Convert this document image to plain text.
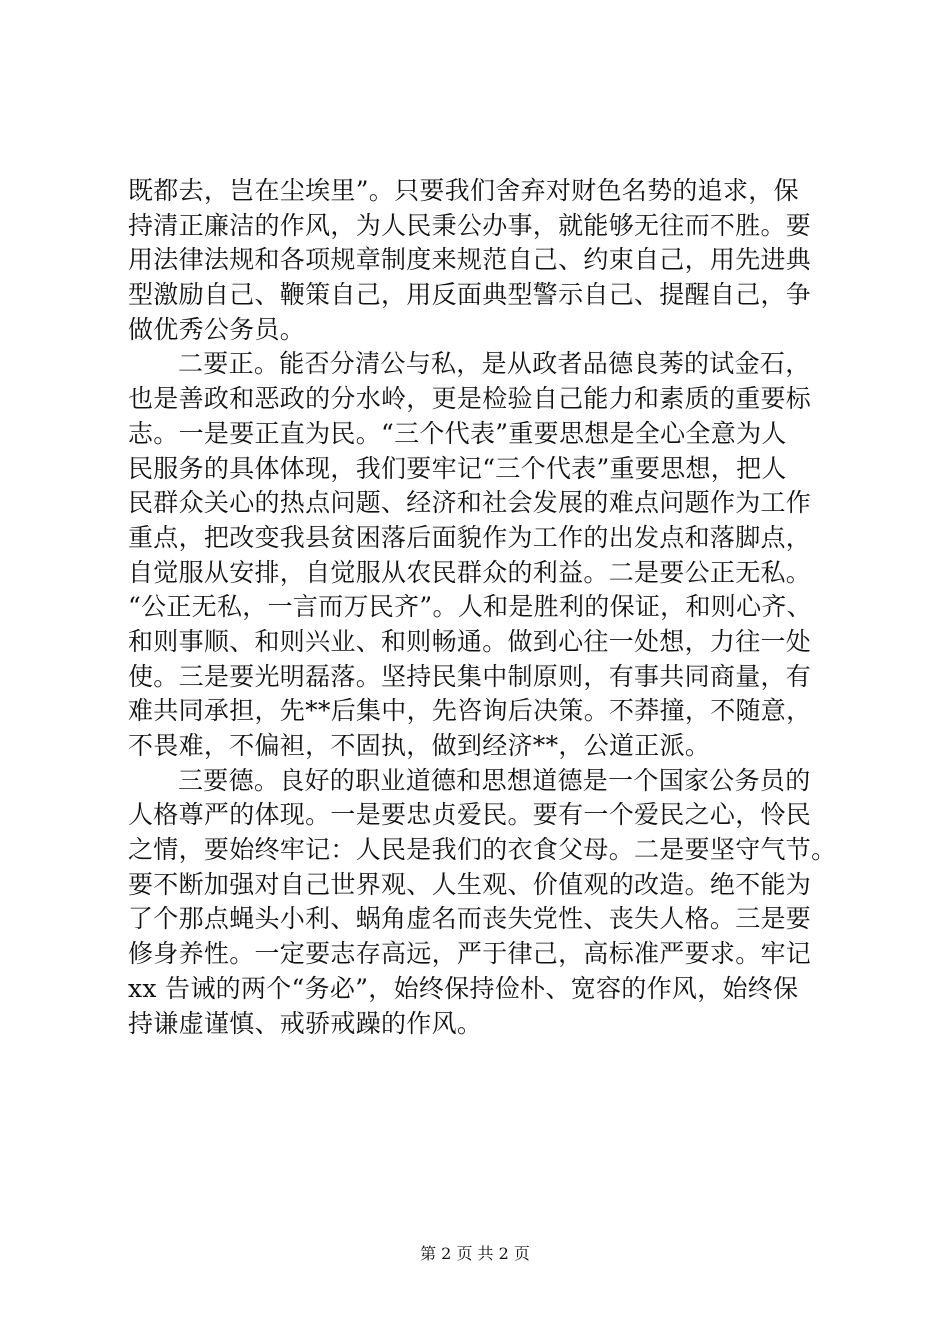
既都去，岂在尘埃里”。只要我们舍弃对财色名势的追求，保
持清正廉洁的作风，为人民秉公办事，就能够无往而不胜。要
用法律法规和各项规章制度来规范自己、约束自己，用先进典
型激励自己、鞭策自己，用反面典型警示自己、提醒自己，争
做优秀公务员。
二要正。能否分清公与私，是从政者品德良莠的试金石，
也是善政和恶政的分水岭，更是检验自己能力和素质的重要标
志。一是要正直为民。“三个代表”重要思想是全心全意为人
民服务的具体体现，我们要牢记“三个代表”重要思想，把人
民群众关心的热点问题、经济和社会发展的难点问题作为工作
重点，把改变我县贫困落后面貌作为工作的出发点和落脚点，
自觉服从安排，自觉服从农民群众的利益。二是要公正无私。
“公正无私，一言而万民齐”。人和是胜利的保证，和则心齐、
和则事顺、和则兴业、和则畅通。做到心往一处想，力往一处
使。三是要光明磊落。坚持民集中制原则，有事共同商量，有
难共同承担，先**后集中，先咨询后决策。不莽撞，不随意，
不畏难，不偏袒，不固执，做到经济**，公道正派。
三要德。良好的职业道德和思想道德是一个国家公务员的
人格尊严的体现。一是要忠贞爱民。要有一个爱民之心，怜民
之情，要始终牢记：人民是我们的衣食父母。二是要坚守气节。
要不断加强对自己世界观、人生观、价值观的改造。绝不能为
了个那点蝇头小利、蜗角虚名而丧失党性、丧失人格。三是要
修身养性。一定要志存高远，严于律己，高标准严要求。牢记
xx 告诫的两个“务必”，始终保持俭朴、宽容的作风，始终保
持谦虚谨慎、戒骄戒躁的作风。
第 2 页 共 2 页
